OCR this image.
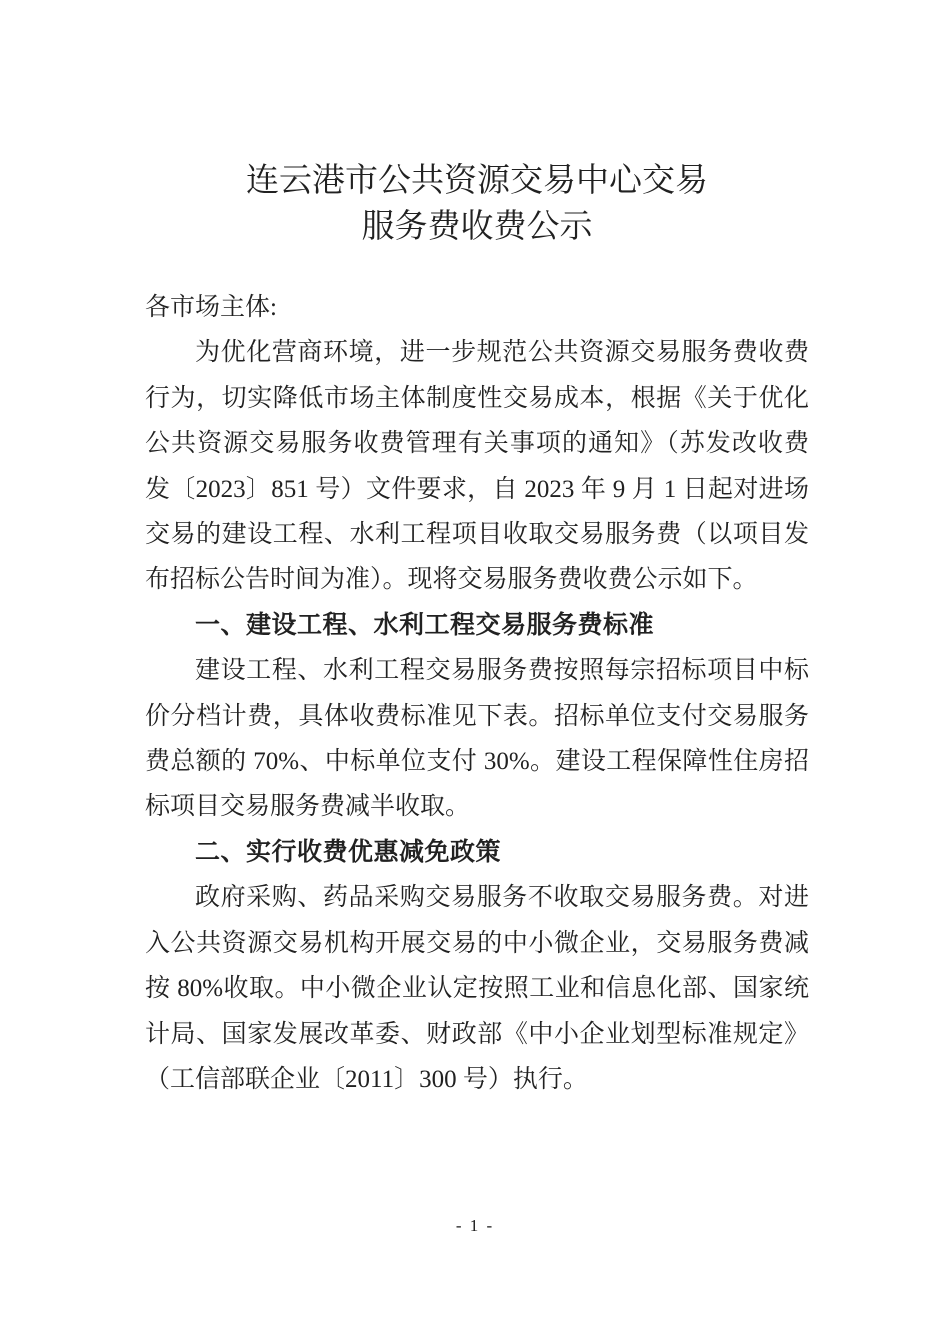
连云港市公共资源交易中心交易
服务费收费公示
各市场主体:
为优化营商环境，进一步规范公共资源交易服务费收费
行为，切实降低市场主体制度性交易成本，根据《关于优化
公共资源交易服务收费管理有关事项的通知》（苏发改收费
发〔2023〕851 号）文件要求，自 2023 年 9 月 1 日起对进场
交易的建设工程、水利工程项目收取交易服务费（以项目发
布招标公告时间为准）。现将交易服务费收费公示如下。
一、建设工程、水利工程交易服务费标准
建设工程、水利工程交易服务费按照每宗招标项目中标
价分档计费，具体收费标准见下表。招标单位支付交易服务
费总额的 70%、中标单位支付 30%。建设工程保障性住房招
标项目交易服务费减半收取。
二、实行收费优惠减免政策
政府采购、药品采购交易服务不收取交易服务费。对进
入公共资源交易机构开展交易的中小微企业，交易服务费减
按 80%收取。中小微企业认定按照工业和信息化部、国家统
计局、国家发展改革委、财政部《中小企业划型标准规定》
（工信部联企业〔2011〕300 号）执行。
- 1 -
